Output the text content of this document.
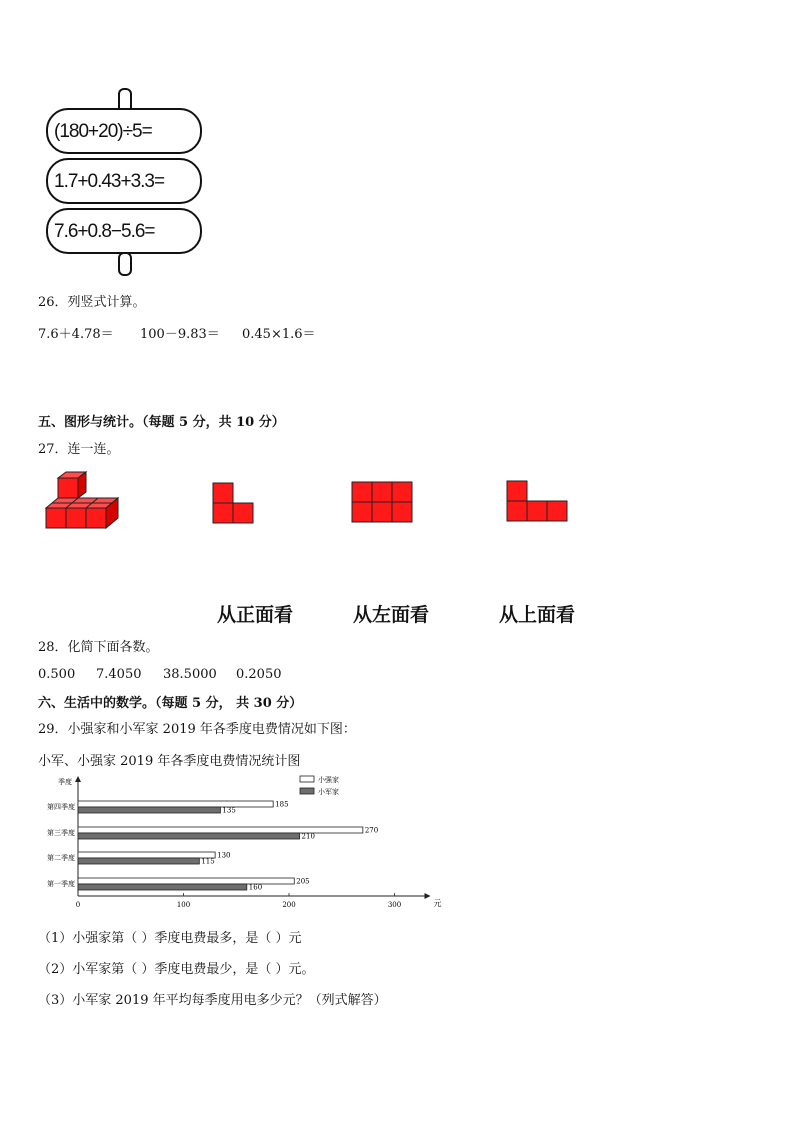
(180+20)÷5=
1.7+0.43+3.3=
7.6+0.8−5.6=
26．列竖式计算。
7.6＋4.78＝ 100－9.83＝ 0.45×1.6＝
五、图形与统计。（每题 5 分，共 10 分）
27．连一连。
从正面看	从左面看	从上面看
28．化简下面各数。
0.500 7.4050 38.5000 0.2050
六、生活中的数学。（每题 5 分， 共 30 分）
29．小强家和小军家 2019 年各季度电费情况如下图：
小军、小强家 2019 年各季度电费情况统计图
季度
元
0	100	200	300
第一季度	205
160
第二季度	130
115
第三季度	270
210
第四季度	185
135
小强家
小军家
（1）小强家第（ ）季度电费最多，是（ ）元
（2）小军家第（ ）季度电费最少，是（ ）元。
（3）小军家 2019 年平均每季度用电多少元？（列式解答）
